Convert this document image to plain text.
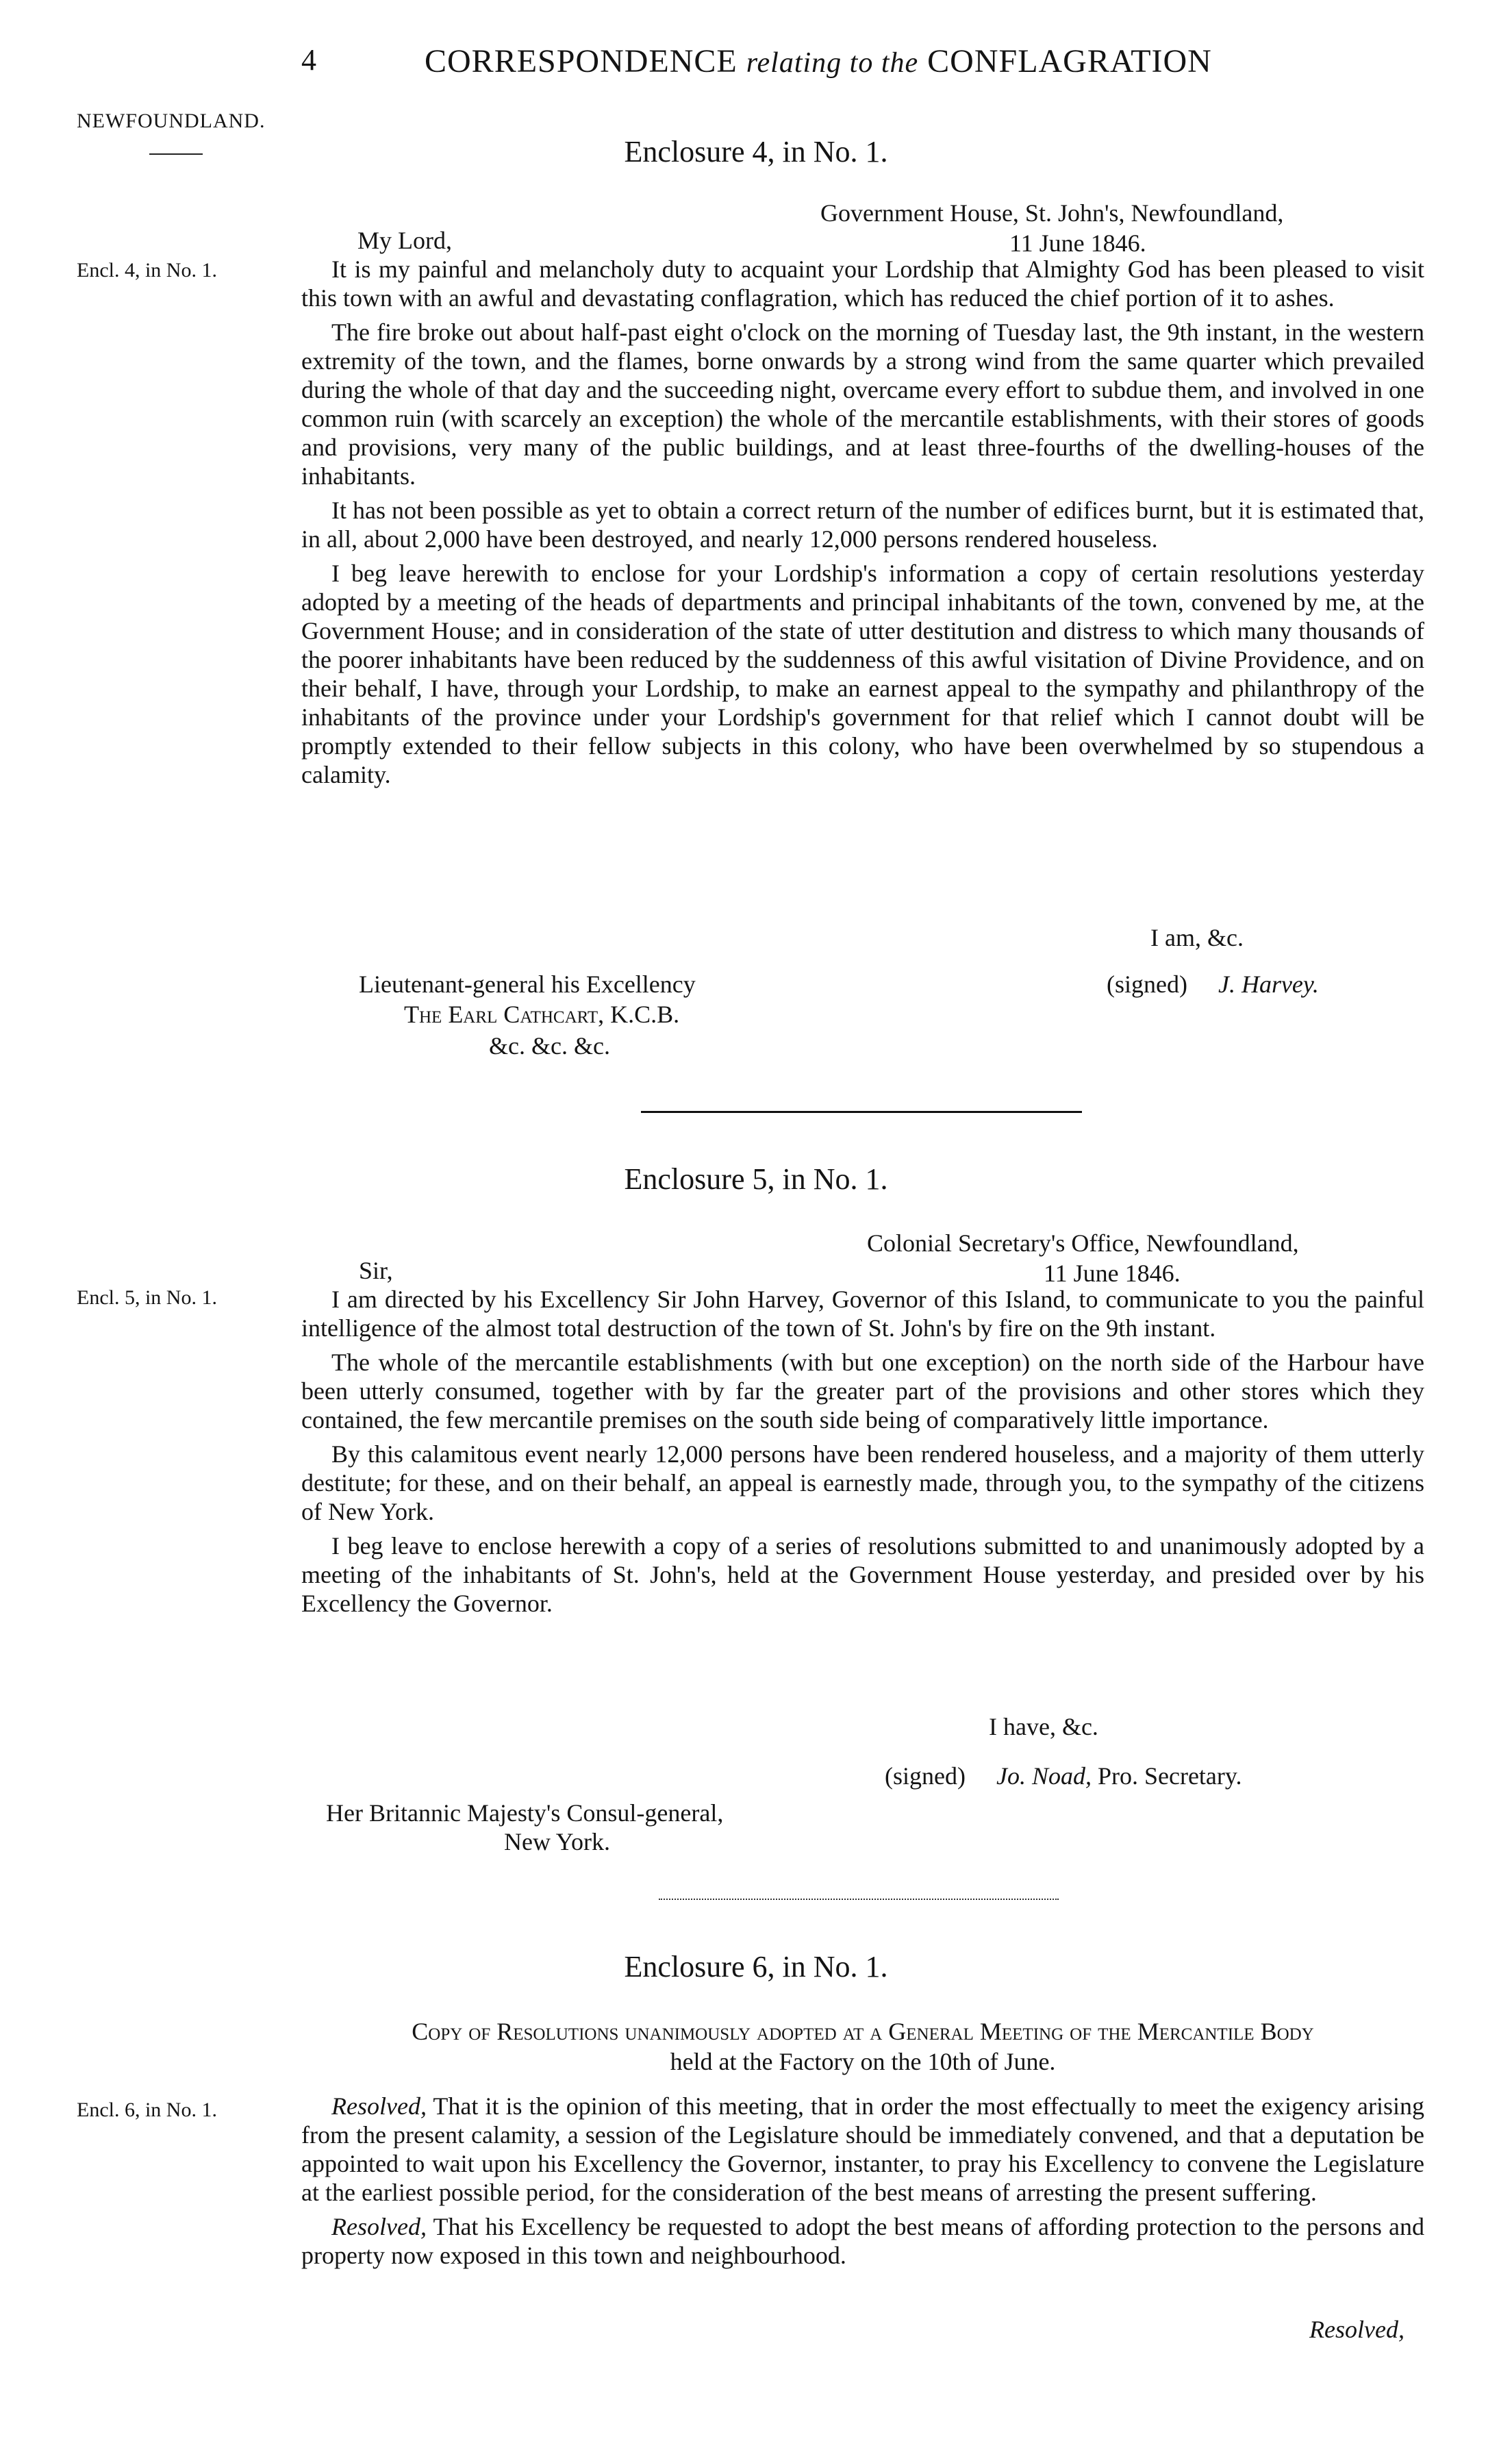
4	CORRESPONDENCE relating to the CONFLAGRATION
NEWFOUNDLAND.
Encl. 4, in No. 1.
Encl. 5, in No. 1.
Encl. 6, in No. 1.
Enclosure 4, in No. 1.
Government House, St. John's, Newfoundland,
My Lord,	11 June 1846.

It is my painful and melancholy duty to acquaint your Lordship that Almighty God has been pleased to visit this town with an awful and devastating conflagration, which has reduced the chief portion of it to ashes.

The fire broke out about half-past eight o'clock on the morning of Tuesday last, the 9th instant, in the western extremity of the town, and the flames, borne onwards by a strong wind from the same quarter which prevailed during the whole of that day and the succeeding night, overcame every effort to subdue them, and involved in one common ruin (with scarcely an exception) the whole of the mercantile establishments, with their stores of goods and provisions, very many of the public buildings, and at least three-fourths of the dwelling-houses of the inhabitants.

It has not been possible as yet to obtain a correct return of the number of edifices burnt, but it is estimated that, in all, about 2,000 have been destroyed, and nearly 12,000 persons rendered houseless.

I beg leave herewith to enclose for your Lordship's information a copy of certain resolutions yesterday adopted by a meeting of the heads of departments and principal inhabitants of the town, convened by me, at the Government House; and in consideration of the state of utter destitution and distress to which many thousands of the poorer inhabitants have been reduced by the suddenness of this awful visitation of Divine Providence, and on their behalf, I have, through your Lordship, to make an earnest appeal to the sympathy and philanthropy of the inhabitants of the province under your Lordship's government for that relief which I cannot doubt will be promptly extended to their fellow subjects in this colony, who have been overwhelmed by so stupendous a calamity.

I am, &c.
(signed) J. Harvey.
Lieutenant-general his Excellency
The Earl Cathcart, K.C.B.
&c. &c. &c.
Enclosure 5, in No. 1.
Colonial Secretary's Office, Newfoundland,
Sir,	11 June 1846.

I am directed by his Excellency Sir John Harvey, Governor of this Island, to communicate to you the painful intelligence of the almost total destruction of the town of St. John's by fire on the 9th instant.

The whole of the mercantile establishments (with but one exception) on the north side of the Harbour have been utterly consumed, together with by far the greater part of the provisions and other stores which they contained, the few mercantile premises on the south side being of comparatively little importance.

By this calamitous event nearly 12,000 persons have been rendered houseless, and a majority of them utterly destitute; for these, and on their behalf, an appeal is earnestly made, through you, to the sympathy of the citizens of New York.

I beg leave to enclose herewith a copy of a series of resolutions submitted to and unanimously adopted by a meeting of the inhabitants of St. John's, held at the Government House yesterday, and presided over by his Excellency the Governor.

I have, &c.
(signed) Jo. Noad, Pro. Secretary.
Her Britannic Majesty's Consul-general,
New York.
Enclosure 6, in No. 1.
Copy of Resolutions unanimously adopted at a General Meeting of the Mercantile Body
held at the Factory on the 10th of June.

Resolved, That it is the opinion of this meeting, that in order the most effectually to meet the exigency arising from the present calamity, a session of the Legislature should be immediately convened, and that a deputation be appointed to wait upon his Excellency the Governor, instanter, to pray his Excellency to convene the Legislature at the earliest possible period, for the consideration of the best means of arresting the present suffering.

Resolved, That his Excellency be requested to adopt the best means of affording protection to the persons and property now exposed in this town and neighbourhood.

Resolved,
